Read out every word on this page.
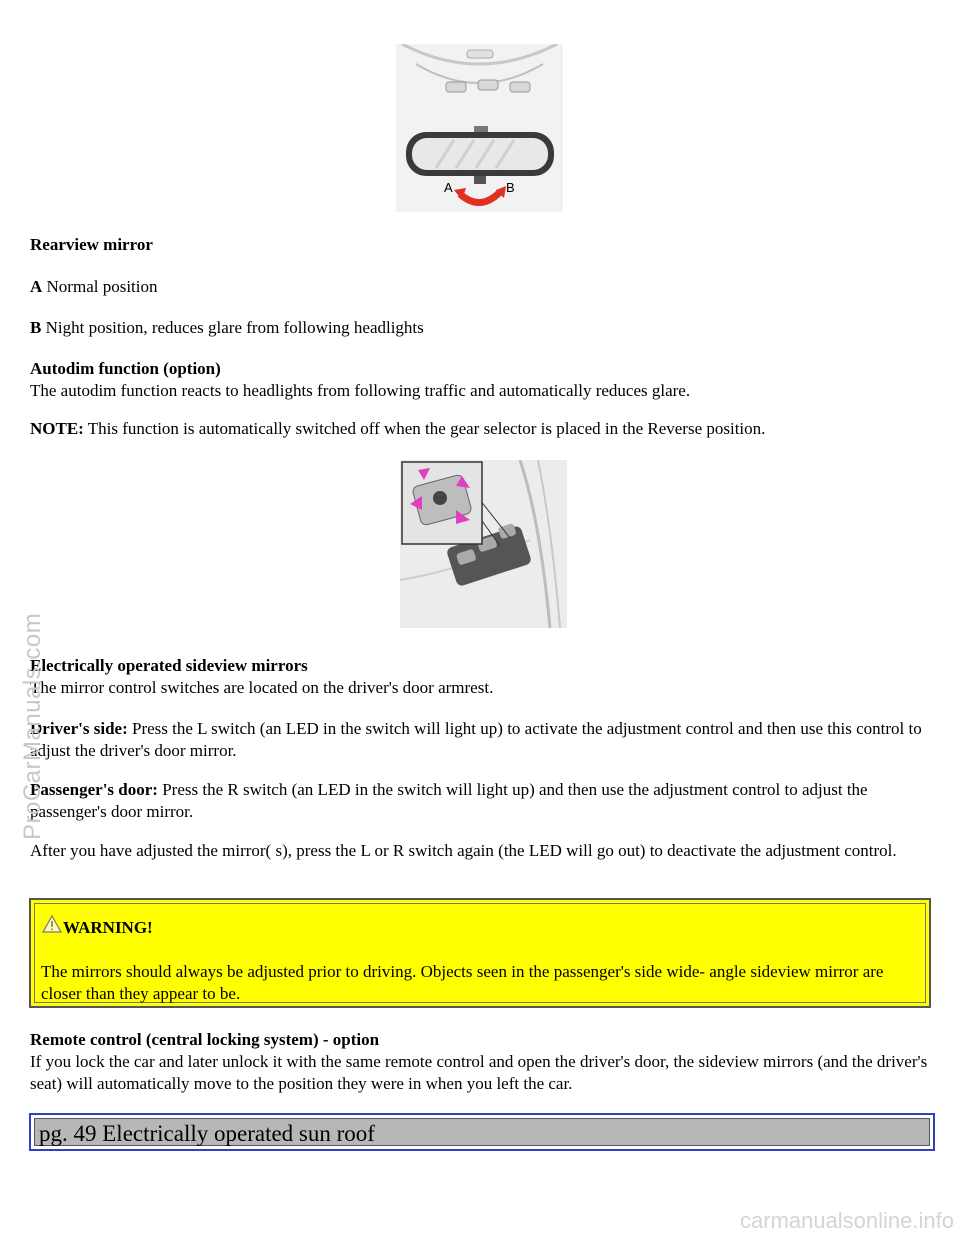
A	B

Rearview mirror

A Normal position

B Night position, reduces glare from following headlights

Autodim function (option)

The autodim function reacts to headlights from following traffic and automatically reduces glare.

NOTE: This function is automatically switched off when the gear selector is placed in the Reverse position.

Electrically operated sideview mirrors

The mirror control switches are located on the driver's door armrest.

Driver's side: Press the L switch (an LED in the switch will light up) to activate the adjustment control and then use this control to adjust the driver's door mirror.

Passenger's door: Press the R switch (an LED in the switch will light up) and then use the adjustment control to adjust the passenger's door mirror.

After you have adjusted the mirror( s), press the L or R switch again (the LED will go out) to deactivate the adjustment control.

WARNING!

The mirrors should always be adjusted prior to driving. Objects seen in the passenger's side wide- angle sideview mirror are closer than they appear to be.

Remote control (central locking system) - option

If you lock the car and later unlock it with the same remote control and open the driver's door, the sideview mirrors (and the driver's seat) will automatically move to the position they were in when you left the car.

pg. 49 Electrically operated sun roof
ProCarManuals.com
carmanualsonline.info
